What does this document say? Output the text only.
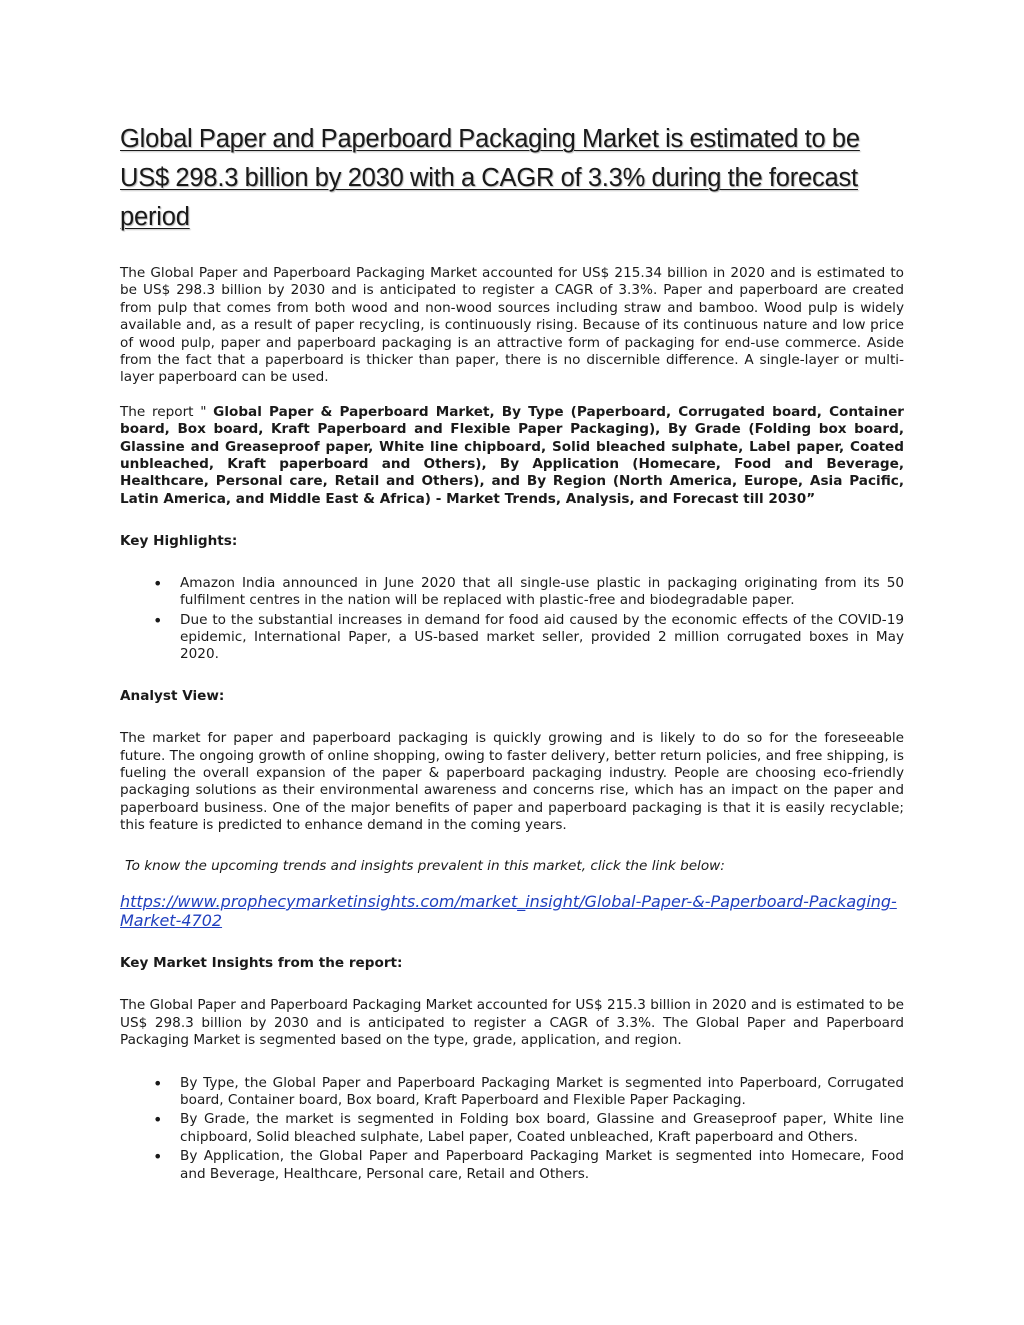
Global Paper and Paperboard Packaging Market is estimated to be US$ 298.3 billion by 2030 with a CAGR of 3.3% during the forecast period

The Global Paper and Paperboard Packaging Market accounted for US$ 215.34 billion in 2020 and is estimated to be US$ 298.3 billion by 2030 and is anticipated to register a CAGR of 3.3%. Paper and paperboard are created from pulp that comes from both wood and non-wood sources including straw and bamboo. Wood pulp is widely available and, as a result of paper recycling, is continuously rising. Because of its continuous nature and low price of wood pulp, paper and paperboard packaging is an attractive form of packaging for end-use commerce. Aside from the fact that a paperboard is thicker than paper, there is no discernible difference. A single-layer or multi-layer paperboard can be used.

The report " Global Paper & Paperboard Market, By Type (Paperboard, Corrugated board, Container board, Box board, Kraft Paperboard and Flexible Paper Packaging), By Grade (Folding box board, Glassine and Greaseproof paper, White line chipboard, Solid bleached sulphate, Label paper, Coated unbleached, Kraft paperboard and Others), By Application (Homecare, Food and Beverage, Healthcare, Personal care, Retail and Others), and By Region (North America, Europe, Asia Pacific, Latin America, and Middle East & Africa) - Market Trends, Analysis, and Forecast till 2030”

Key Highlights:

• Amazon India announced in June 2020 that all single-use plastic in packaging originating from its 50 fulfilment centres in the nation will be replaced with plastic-free and biodegradable paper.
• Due to the substantial increases in demand for food aid caused by the economic effects of the COVID-19 epidemic, International Paper, a US-based market seller, provided 2 million corrugated boxes in May 2020.

Analyst View:

The market for paper and paperboard packaging is quickly growing and is likely to do so for the foreseeable future. The ongoing growth of online shopping, owing to faster delivery, better return policies, and free shipping, is fueling the overall expansion of the paper & paperboard packaging industry. People are choosing eco-friendly packaging solutions as their environmental awareness and concerns rise, which has an impact on the paper and paperboard business. One of the major benefits of paper and paperboard packaging is that it is easily recyclable; this feature is predicted to enhance demand in the coming years.

To know the upcoming trends and insights prevalent in this market, click the link below:

https://www.prophecymarketinsights.com/market_insight/Global-Paper-&-Paperboard-Packaging-Market-4702

Key Market Insights from the report:

The Global Paper and Paperboard Packaging Market accounted for US$ 215.3 billion in 2020 and is estimated to be US$ 298.3 billion by 2030 and is anticipated to register a CAGR of 3.3%. The Global Paper and Paperboard Packaging Market is segmented based on the type, grade, application, and region.

• By Type, the Global Paper and Paperboard Packaging Market is segmented into Paperboard, Corrugated board, Container board, Box board, Kraft Paperboard and Flexible Paper Packaging.
• By Grade, the market is segmented in Folding box board, Glassine and Greaseproof paper, White line chipboard, Solid bleached sulphate, Label paper, Coated unbleached, Kraft paperboard and Others.
• By Application, the Global Paper and Paperboard Packaging Market is segmented into Homecare, Food and Beverage, Healthcare, Personal care, Retail and Others.
